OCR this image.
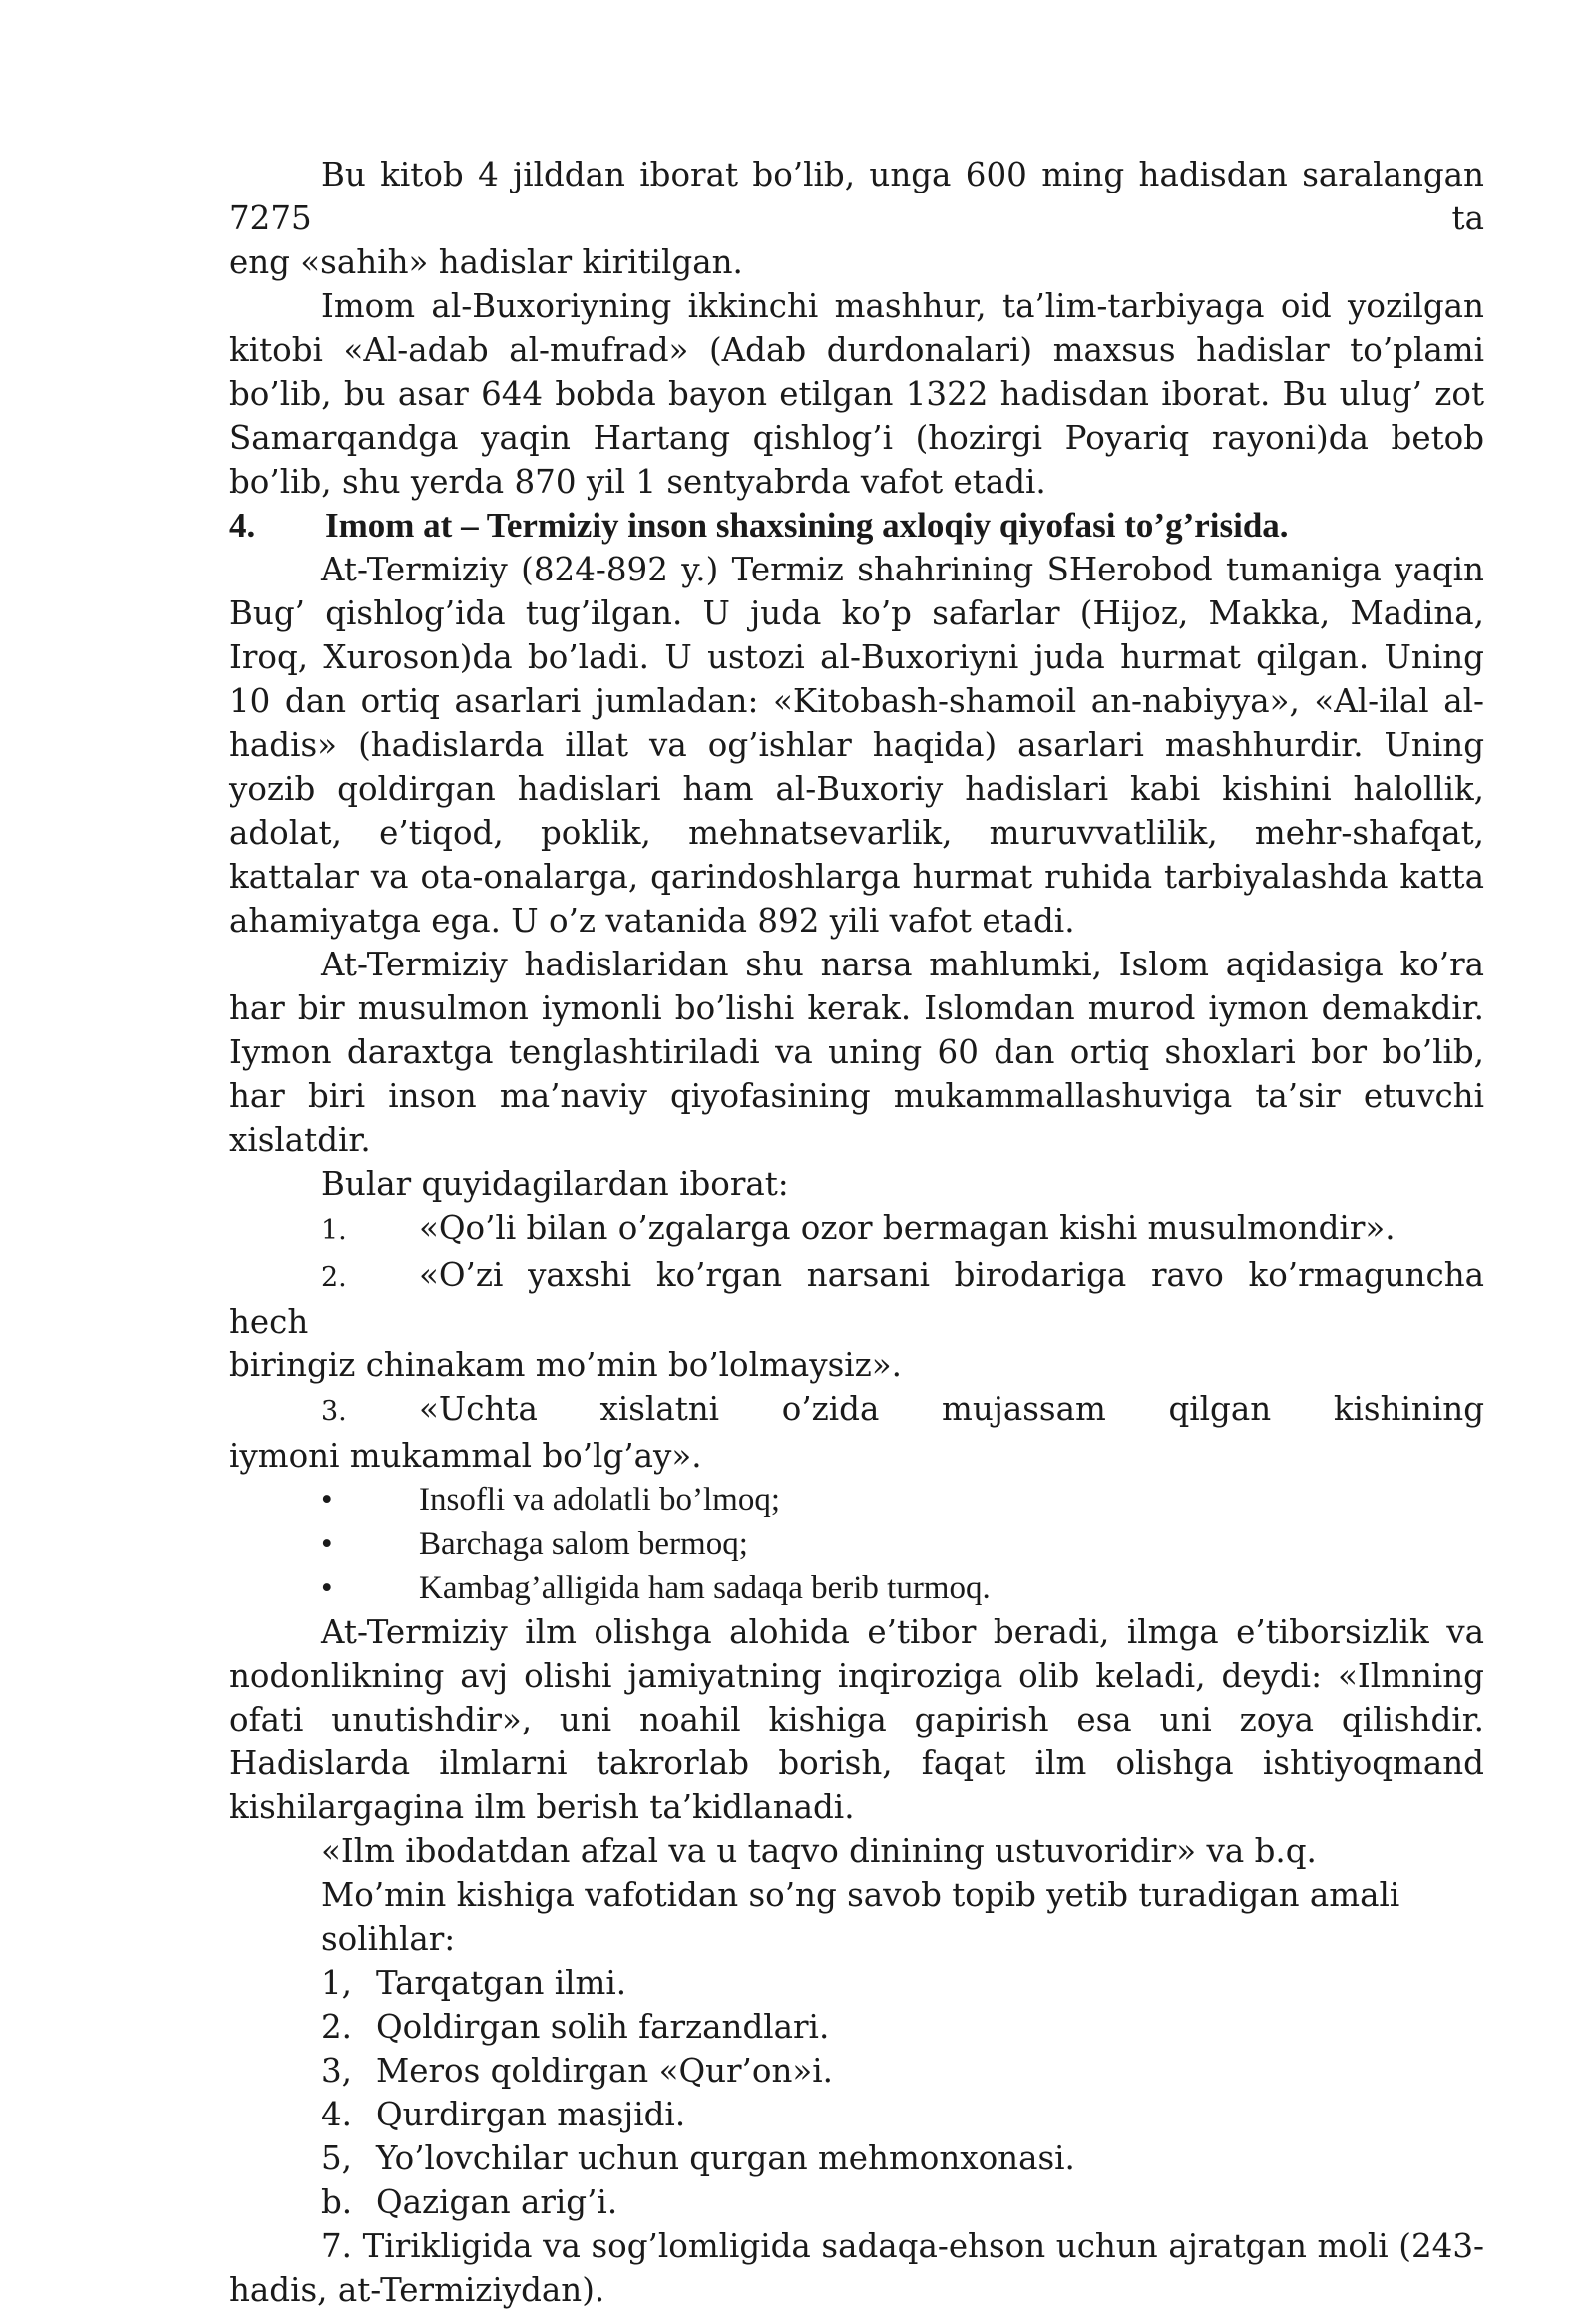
Bu kitob 4 jilddan iborat bo’lib, unga 600 ming hadisdan saralangan 7275 ta

eng «sahih» hadislar kiritilgan.

Imom al-Buxoriyning ikkinchi mashhur, ta’lim-tarbiyaga oid yozilgan kitobi «Al-adab al-mufrad» (Adab durdonalari) maxsus hadislar to’plami bo’lib, bu asar 644 bobda bayon etilgan 1322 hadisdan iborat. Bu ulug’ zot Samarqandga yaqin Hartang qishlog’i (hozirgi Poyariq rayoni)da betob bo’lib, shu yerda 870 yil 1 sentyabrda vafot etadi.

4.	Imom at – Termiziy inson shaxsining axloqiy qiyofasi to’g’risida.

At-Termiziy (824-892 y.) Termiz shahrining SHerobod tumaniga yaqin Bug’ qishlog’ida tug’ilgan. U juda ko’p safarlar (Hijoz, Makka, Madina, Iroq, Xuroson)da bo’ladi. U ustozi al-Buxoriyni juda hurmat qilgan. Uning 10 dan ortiq asarlari jumladan: «Kitobash-shamoil an-nabiyya», «Al-ilal al-hadis» (hadislarda illat va og’ishlar haqida) asarlari mashhurdir. Uning yozib qoldirgan hadislari ham al-Buxoriy hadislari kabi kishini halollik, adolat, e’tiqod, poklik, mehnatsevarlik, muruvvatlilik, mehr-shafqat, kattalar va ota-onalarga, qarindoshlarga hurmat ruhida tarbiyalashda katta ahamiyatga ega. U o’z vatanida 892 yili vafot etadi.

At-Termiziy hadislaridan shu narsa mahlumki, Islom aqidasiga ko’ra har bir musulmon iymonli bo’lishi kerak. Islomdan murod iymon demakdir. Iymon daraxtga tenglashtiriladi va uning 60 dan ortiq shoxlari bor bo’lib, har biri inson ma’naviy qiyofasining mukammallashuviga ta’sir etuvchi xislatdir.

Bular quyidagilardan iborat:

1. «Qo’li bilan o’zgalarga ozor bermagan kishi musulmondir».

2. «O’zi yaxshi ko’rgan narsani birodariga ravo ko’rmaguncha hech

biringiz chinakam mo’min bo’lolmaysiz».

3. «Uchta xislatni o’zida mujassam qilgan kishining

iymoni mukammal bo’lg’ay».

•	Insofli va adolatli bo’lmoq;
•	Barchaga salom bermoq;
•	Kambag’alligida ham sadaqa berib turmoq.

At-Termiziy ilm olishga alohida e’tibor beradi, ilmga e’tiborsizlik va nodonlikning avj olishi jamiyatning inqiroziga olib keladi, deydi: «Ilmning ofati unutishdir», uni noahil kishiga gapirish esa uni zoya qilishdir. Hadislarda ilmlarni takrorlab borish, faqat ilm olishga ishtiyoqmand kishilargagina ilm berish ta’kidlanadi.

«Ilm ibodatdan afzal va u taqvo dinining ustuvoridir» va b.q.

Mo’min kishiga vafotidan so’ng savob topib yetib turadigan amali solihlar:

1, Tarqatgan ilmi.
2. Qoldirgan solih farzandlari.
3, Meros qoldirgan «Qur’on»i.
4. Qurdirgan masjidi.
5, Yo’lovchilar uchun qurgan mehmonxonasi.
b. Qazigan arig’i.

7. Tirikligida va sog’lomligida sadaqa-ehson uchun ajratgan moli (243-hadis, at-Termiziydan).
